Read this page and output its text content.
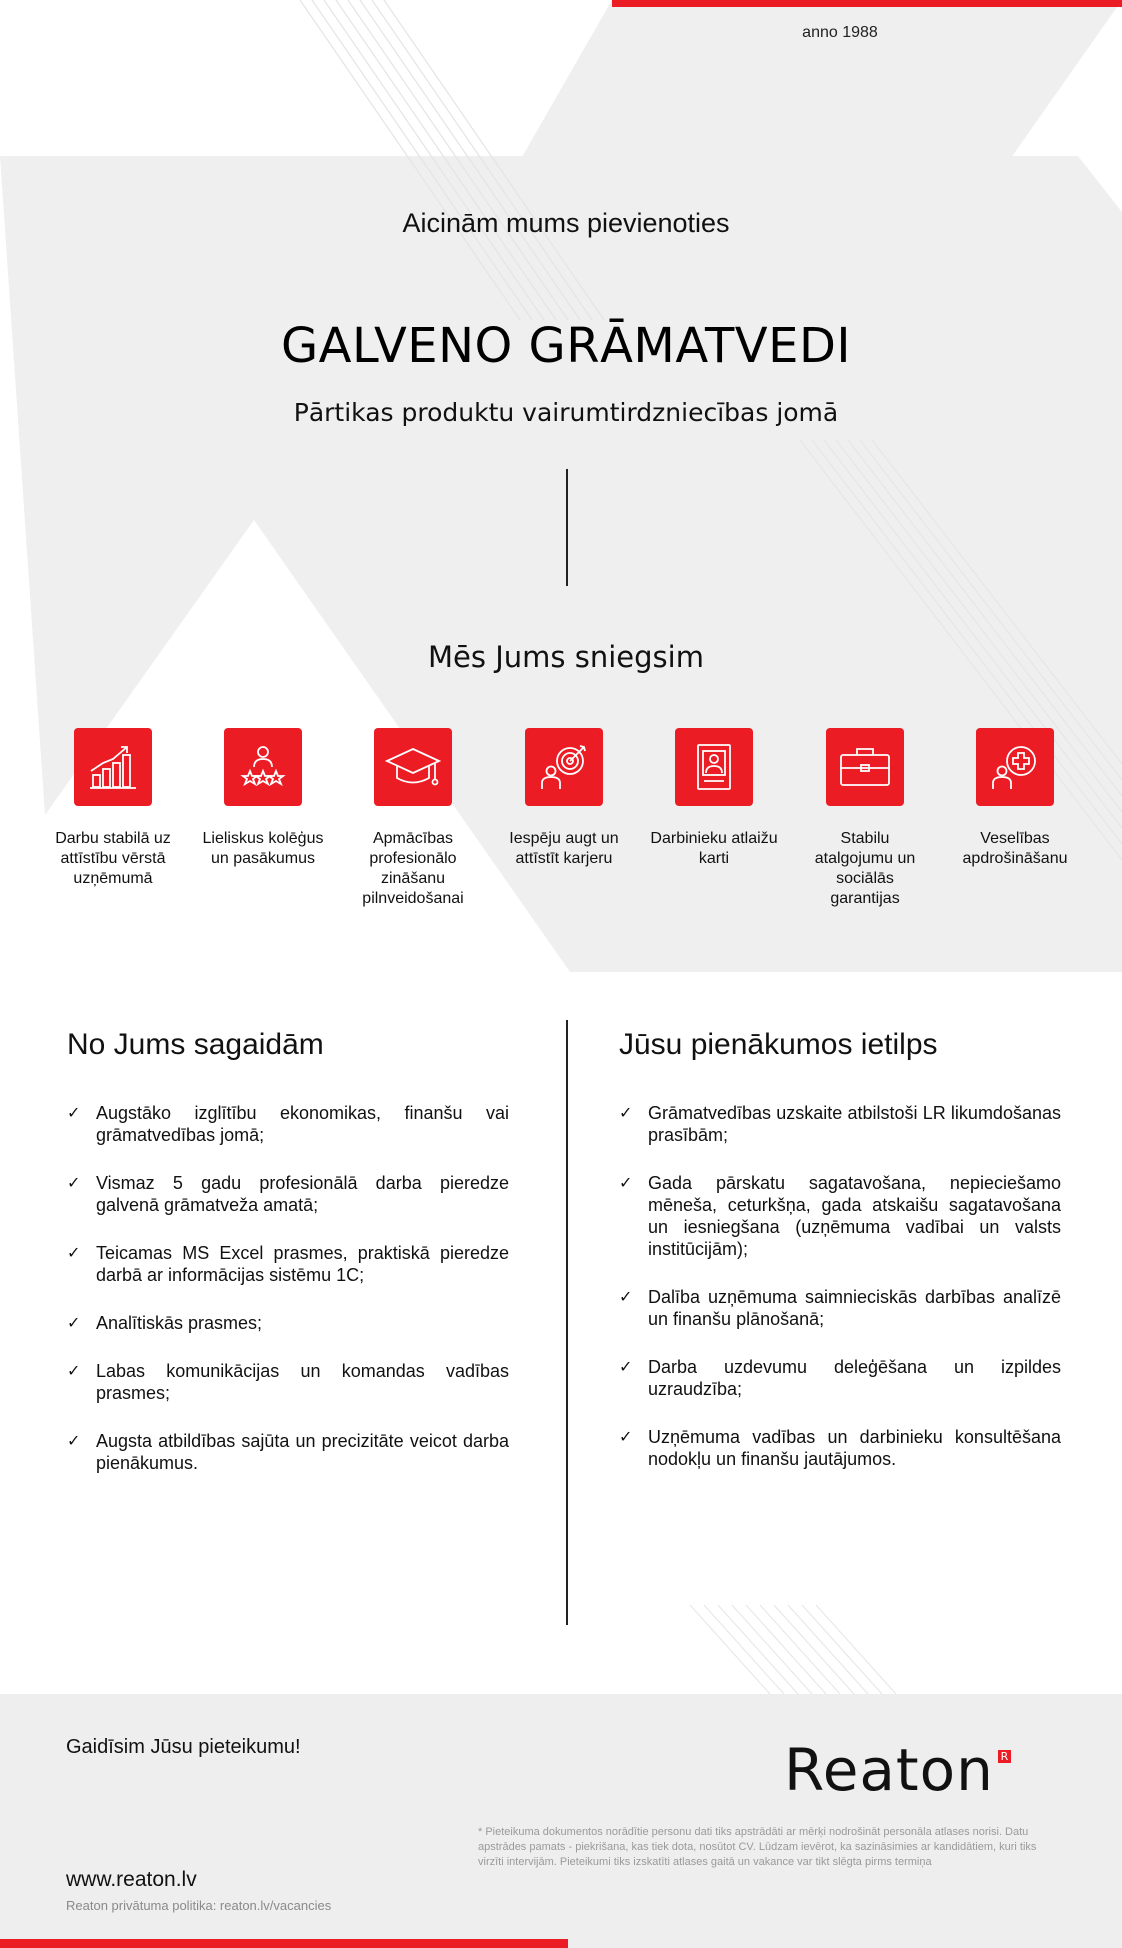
anno 1988
Aicinām mums pievienoties
GALVENO GRĀMATVEDI
Pārtikas produktu vairumtirdzniecības jomā
Mēs Jums sniegsim
Darbu stabilā uz attīstību vērstā uzņēmumā
Lieliskus kolēģus un pasākumus
Apmācības profesionālo zināšanu pilnveidošanai
Iespēju augt un attīstīt karjeru
Darbinieku atlaižu karti
Stabilu atalgojumu un sociālās garantijas
Veselības apdrošināšanu
No Jums sagaidām
✓ Augstāko izglītību ekonomikas, finanšu vai grāmatvedības jomā;
✓ Vismaz 5 gadu profesionālā darba pieredze galvenā grāmatveža amatā;
✓ Teicamas MS Excel prasmes, praktiskā pieredze darbā ar informācijas sistēmu 1C;
✓ Analītiskās prasmes;
✓ Labas komunikācijas un komandas vadības prasmes;
✓ Augsta atbildības sajūta un precizitāte veicot darba pienākumus.
Jūsu pienākumos ietilps
✓ Grāmatvedības uzskaite atbilstoši LR likumdošanas prasībām;
✓ Gada pārskatu sagatavošana, nepieciešamo mēneša, ceturkšņa, gada atskaišu sagatavošana un iesniegšana (uzņēmuma vadībai un valsts institūcijām);
✓ Dalība uzņēmuma saimnieciskās darbības analīzē un finanšu plānošanā;
✓ Darba uzdevumu deleģēšana un izpildes uzraudzība;
✓ Uzņēmuma vadības un darbinieku konsultēšana nodokļu un finanšu jautājumos.
Gaidīsim Jūsu pieteikumu!	Reaton R
* Pieteikuma dokumentos norādītie personu dati tiks apstrādāti ar mērķi nodrošināt personāla atlases norisi. Datu apstrādes pamats - piekrišana, kas tiek dota, nosūtot CV. Lūdzam ievērot, ka sazināsimies ar kandidātiem, kuri tiks virzīti intervijām. Pieteikumi tiks izskatīti atlases gaitā un vakance var tikt slēgta pirms termiņa
www.reaton.lv
Reaton privātuma politika: reaton.lv/vacancies
